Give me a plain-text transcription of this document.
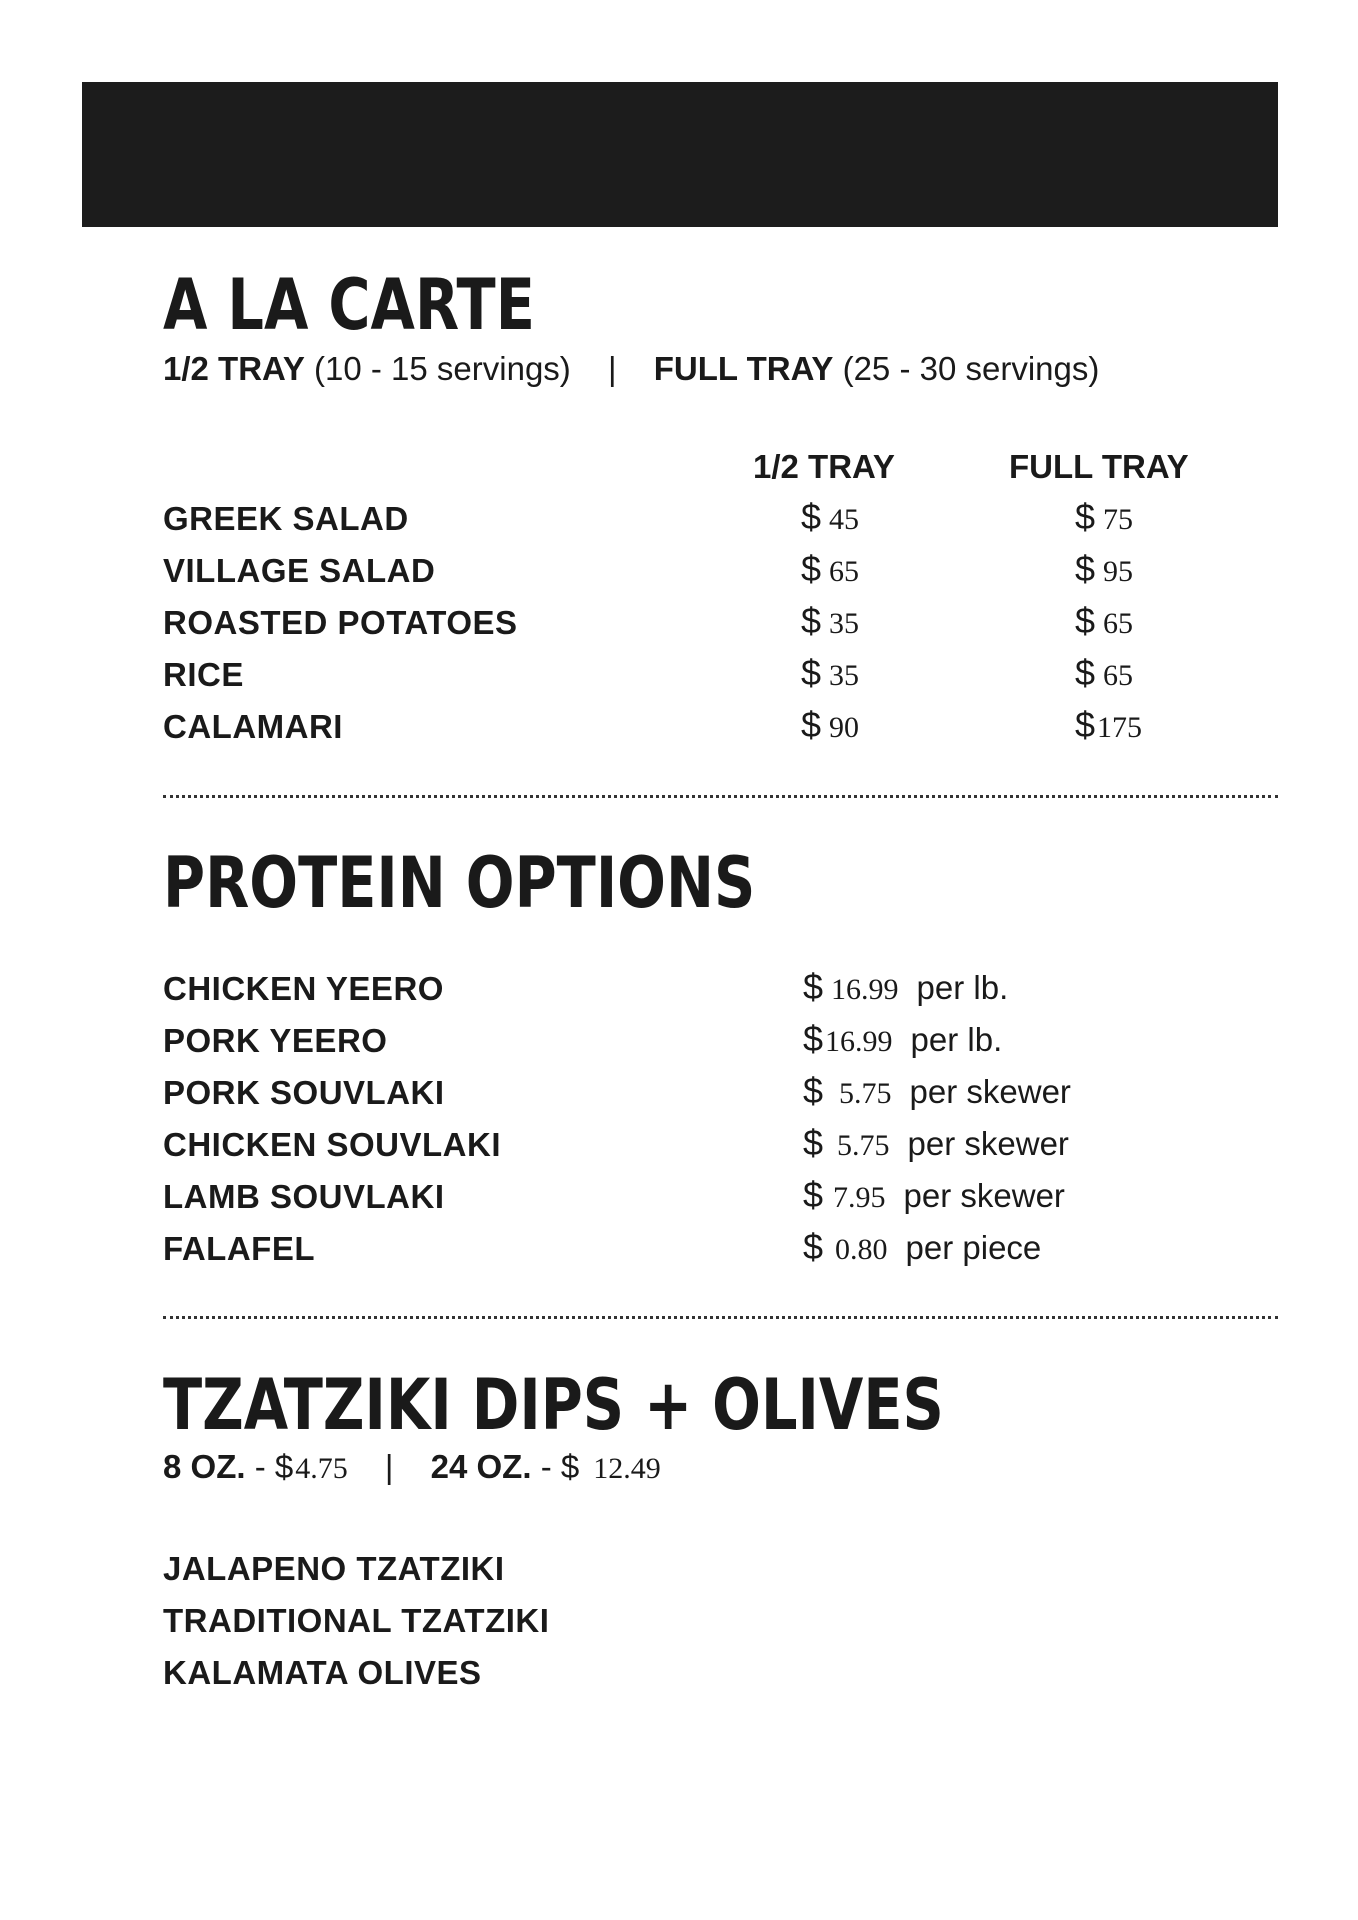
A LA CARTE
1/2 TRAY (10 - 15 servings) | FULL TRAY (25 - 30 servings)
1/2 TRAY	FULL TRAY
GREEK SALAD
VILLAGE SALAD
ROASTED POTATOES
RICE
CALAMARI
$ 45
$ 65
$ 35
$ 35
$ 90
$ 75
$ 95
$ 65
$ 65
$175
PROTEIN OPTIONS
CHICKEN YEERO
PORK YEERO
PORK SOUVLAKI
CHICKEN SOUVLAKI
LAMB SOUVLAKI
FALAFEL
$ 16.99 per lb.
$16.99 per lb.
$ 5.75 per skewer
$ 5.75 per skewer
$ 7.95 per skewer
$ 0.80 per piece
TZATZIKI DIPS + OLIVES
8 OZ. - $4.75 | 24 OZ. - $ 12.49
JALAPENO TZATZIKI
TRADITIONAL TZATZIKI
KALAMATA OLIVES
